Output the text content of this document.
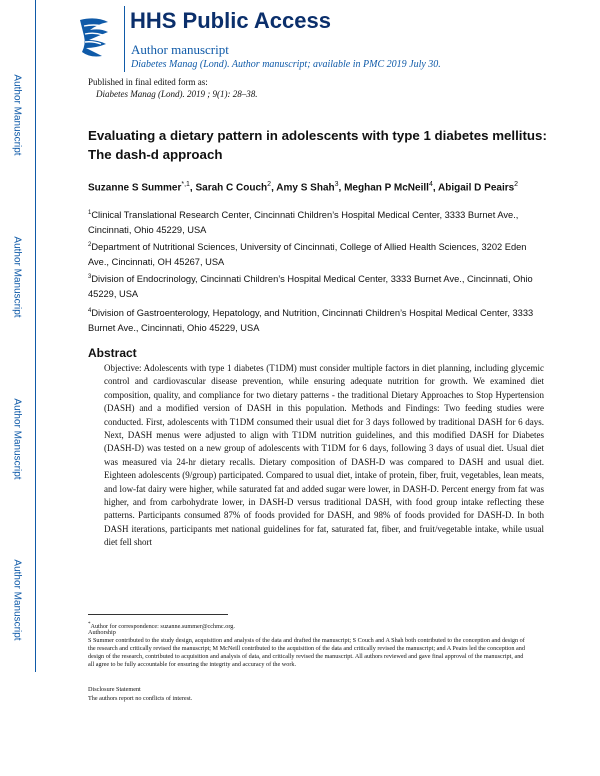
Author Manuscript
Author Manuscript
Author Manuscript
Author Manuscript
HHS Public Access
Author manuscript
Diabetes Manag (Lond). Author manuscript; available in PMC 2019 July 30.
Published in final edited form as:
Diabetes Manag (Lond). 2019 ; 9(1): 28–38.
Evaluating a dietary pattern in adolescents with type 1 diabetes mellitus: The dash-d approach
Suzanne S Summer$^{*,1}$, Sarah C Couch$^2$, Amy S Shah$^3$, Meghan P McNeill$^4$, Abigail D Peairs$^2$
$^1$Clinical Translational Research Center, Cincinnati Children’s Hospital Medical Center, 3333 Burnet Ave., Cincinnati, Ohio 45229, USA
$^2$Department of Nutritional Sciences, University of Cincinnati, College of Allied Health Sciences, 3202 Eden Ave., Cincinnati, OH 45267, USA
$^3$Division of Endocrinology, Cincinnati Children’s Hospital Medical Center, 3333 Burnet Ave., Cincinnati, Ohio 45229, USA
$^4$Division of Gastroenterology, Hepatology, and Nutrition, Cincinnati Children’s Hospital Medical Center, 3333 Burnet Ave., Cincinnati, Ohio 45229, USA
Abstract
Objective: Adolescents with type 1 diabetes (T1DM) must consider multiple factors in diet planning, including glycemic control and cardiovascular disease prevention, while ensuring adequate nutrition for growth. We examined diet composition, quality, and compliance for two dietary patterns - the traditional Dietary Approaches to Stop Hypertension (DASH) and a modified version of DASH in this population. Methods and Findings: Two feeding studies were conducted. First, adolescents with T1DM consumed their usual diet for 3 days followed by traditional DASH for 6 days. Next, DASH menus were adjusted to align with T1DM nutrition guidelines, and this modified DASH for Diabetes (DASH-D) was tested on a new group of adolescents with T1DM for 6 days, following 3 days of usual diet. Usual diet was measured via 24-hr dietary recalls. Dietary composition of DASH-D was compared to DASH and usual diet. Eighteen adolescents (9/group) participated. Compared to usual diet, intake of protein, fiber, fruit, vegetables, lean meats, and low-fat dairy were higher, while saturated fat and added sugar were lower, in DASH-D. Percent energy from fat was higher, and from carbohydrate lower, in DASH-D versus traditional DASH, with food group intake reflecting these patterns. Participants consumed 87% of foods provided for DASH, and 98% of foods provided for DASH-D. In both DASH iterations, participants met national guidelines for fat, saturated fat, fiber, and fruit/vegetable intake, while usual diet fell short
*Author for correspondence: suzanne.summer@cchmc.org.
Authorship
S Summer contributed to the study design, acquisition and analysis of the data and drafted the manuscript; S Couch and A Shah both contributed to the conception and design of the research and critically revised the manuscript; M McNeill contributed to the acquisition of the data and critically revised the manuscript; and A Peairs led the conception and design of the research, contributed to acquisition and analysis of data, and critically revised the manuscript. All authors reviewed and gave final approval of the manuscript, and all agree to be fully accountable for ensuring the integrity and accuracy of the work.
Disclosure Statement
The authors report no conflicts of interest.
